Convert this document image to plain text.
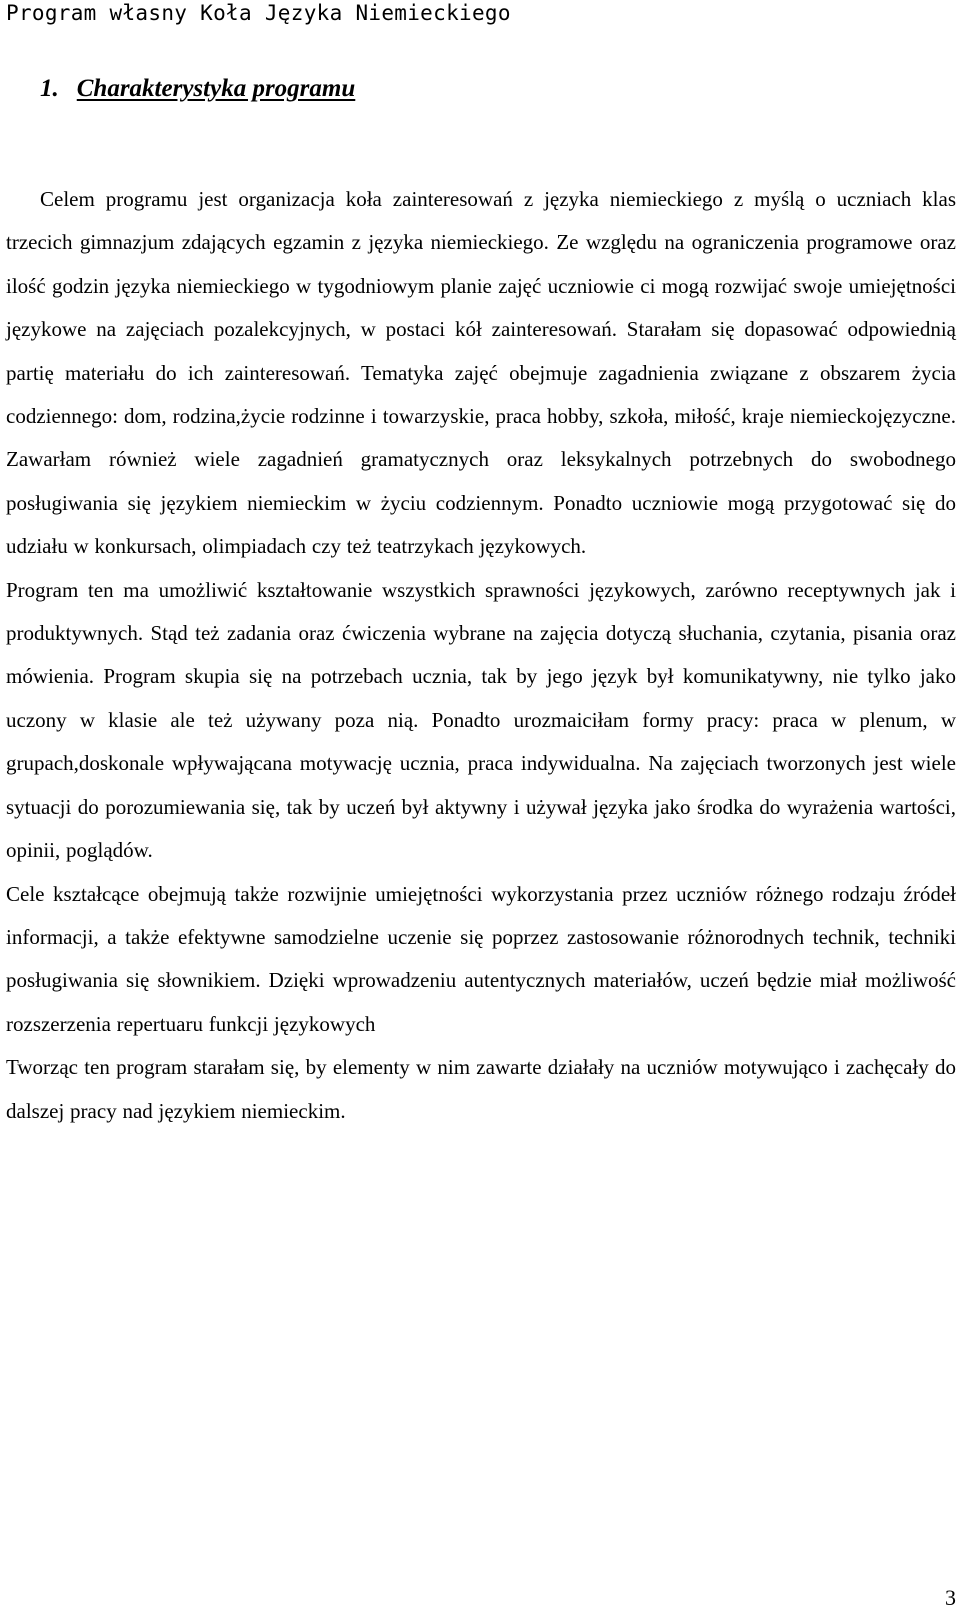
Program własny Koła Języka Niemieckiego
1. Charakterystyka programu

Celem programu jest organizacja koła zainteresowań z języka niemieckiego z myślą o uczniach klas trzecich gimnazjum zdających egzamin z języka niemieckiego. Ze względu na ograniczenia programowe oraz ilość godzin języka niemieckiego w tygodniowym planie zajęć uczniowie ci mogą rozwijać swoje umiejętności językowe na zajęciach pozalekcyjnych, w postaci kół zainteresowań. Starałam się dopasować odpowiednią partię materiału do ich zainteresowań. Tematyka zajęć obejmuje zagadnienia związane z obszarem życia codziennego: dom, rodzina,życie rodzinne i towarzyskie, praca hobby, szkoła, miłość, kraje niemieckojęzyczne. Zawarłam również wiele zagadnień gramatycznych oraz leksykalnych potrzebnych do swobodnego posługiwania się językiem niemieckim w życiu codziennym. Ponadto uczniowie mogą przygotować się do udziału w konkursach, olimpiadach czy też teatrzykach językowych.

Program ten ma umożliwić kształtowanie wszystkich sprawności językowych, zarówno receptywnych jak i produktywnych. Stąd też zadania oraz ćwiczenia wybrane na zajęcia dotyczą słuchania, czytania, pisania oraz mówienia. Program skupia się na potrzebach ucznia, tak by jego język był komunikatywny, nie tylko jako uczony w klasie ale też używany poza nią. Ponadto urozmaiciłam formy pracy: praca w plenum, w grupach,doskonale wpływającana motywację ucznia, praca indywidualna. Na zajęciach tworzonych jest wiele sytuacji do porozumiewania się, tak by uczeń był aktywny i używał języka jako środka do wyrażenia wartości, opinii, poglądów.

Cele kształcące obejmują także rozwijnie umiejętności wykorzystania przez uczniów różnego rodzaju źródeł informacji, a także efektywne samodzielne uczenie się poprzez zastosowanie różnorodnych technik, techniki posługiwania się słownikiem. Dzięki wprowadzeniu autentycznych materiałów, uczeń będzie miał możliwość rozszerzenia repertuaru funkcji językowych

Tworząc ten program starałam się, by elementy w nim zawarte działały na uczniów motywująco i zachęcały do dalszej pracy nad językiem niemieckim.

3
